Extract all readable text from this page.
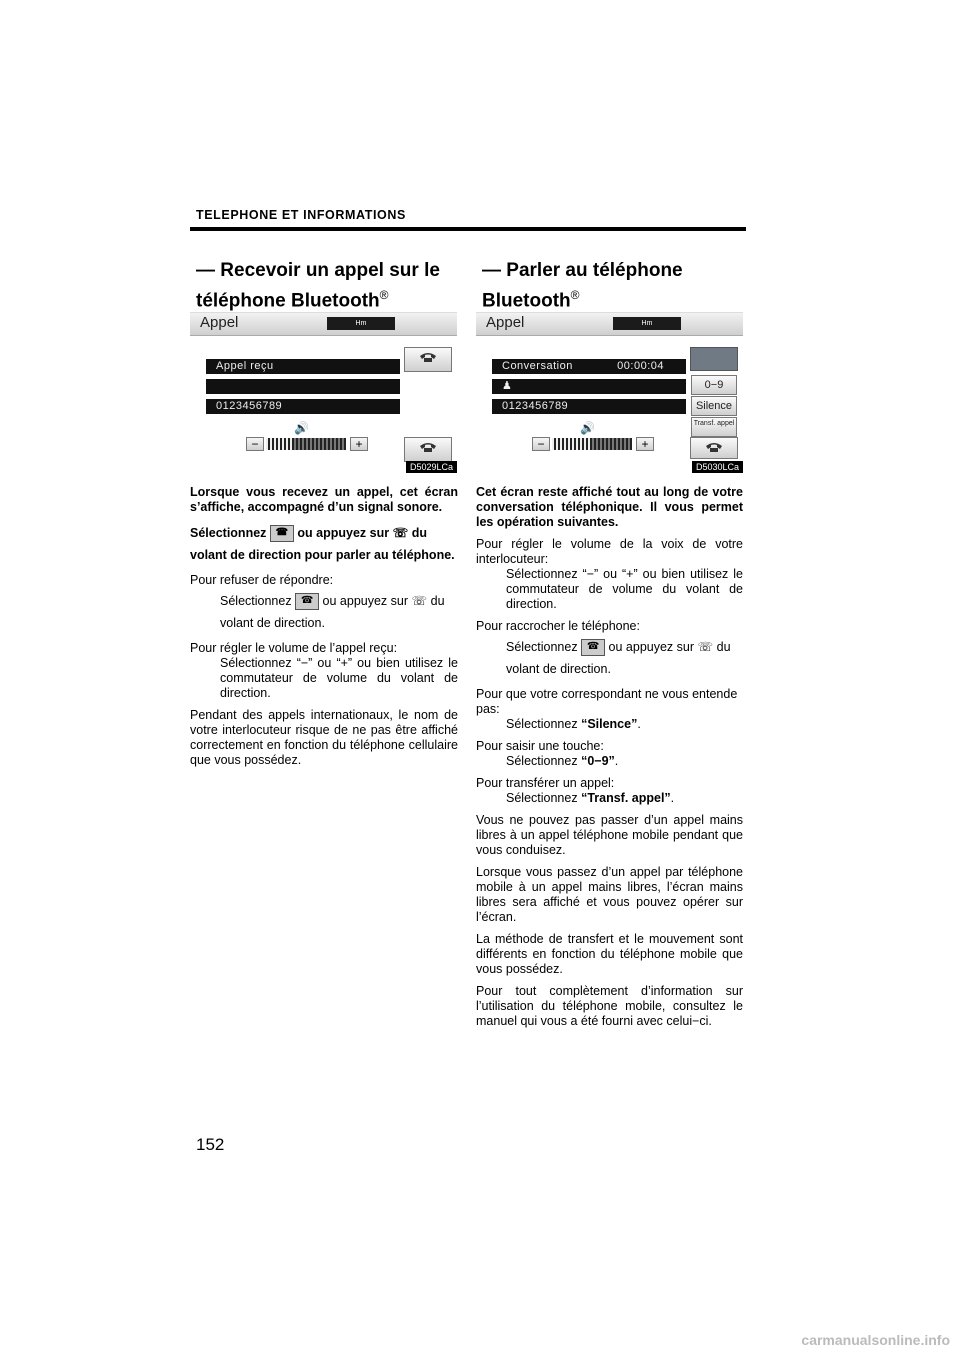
TELEPHONE ET INFORMATIONS
— Recevoir un appel sur le
téléphone Bluetooth®
— Parler au téléphone
Bluetooth®
Appel	Hm
Appel reçu
0123456789
🔊
−	+
D5029LCa
Appel	Hm
Conversation	00:00:04
♟
0123456789
0−9
Silence
Transf. appel
🔊
−	+
D5030LCa

Lorsque vous recevez un appel, cet écran s’affiche, accompagné d’un signal sonore.

Sélectionnez ☎ ou appuyez sur ☏ du volant de direction pour parler au téléphone.

Pour refuser de répondre:

Sélectionnez ☎ ou appuyez sur ☏ du volant de direction.

Pour régler le volume de l’appel reçu:

Sélectionnez “−” ou “+” ou bien utilisez le commutateur de volume du volant de direction.

Pendant des appels internationaux, le nom de votre interlocuteur risque de ne pas être affiché correctement en fonction du téléphone cellulaire que vous possédez.

Cet écran reste affiché tout au long de votre conversation téléphonique. Il vous permet les opération suivantes.

Pour régler le volume de la voix de votre interlocuteur:

Sélectionnez “−” ou “+” ou bien utilisez le commutateur de volume du volant de direction.

Pour raccrocher le téléphone:

Sélectionnez ☎ ou appuyez sur ☏ du volant de direction.

Pour que votre correspondant ne vous entende pas:

Sélectionnez “Silence”.

Pour saisir une touche:

Sélectionnez “0−9”.

Pour transférer un appel:

Sélectionnez “Transf. appel”.

Vous ne pouvez pas passer d’un appel mains libres à un appel téléphone mobile pendant que vous conduisez.

Lorsque vous passez d’un appel par téléphone mobile à un appel mains libres, l’écran mains libres sera affiché et vous pouvez opérer sur l’écran.

La méthode de transfert et le mouvement sont différents en fonction du téléphone mobile que vous possédez.

Pour tout complètement d’information sur l’utilisation du téléphone mobile, consultez le manuel qui vous a été fourni avec celui−ci.

152
carmanualsonline.info
